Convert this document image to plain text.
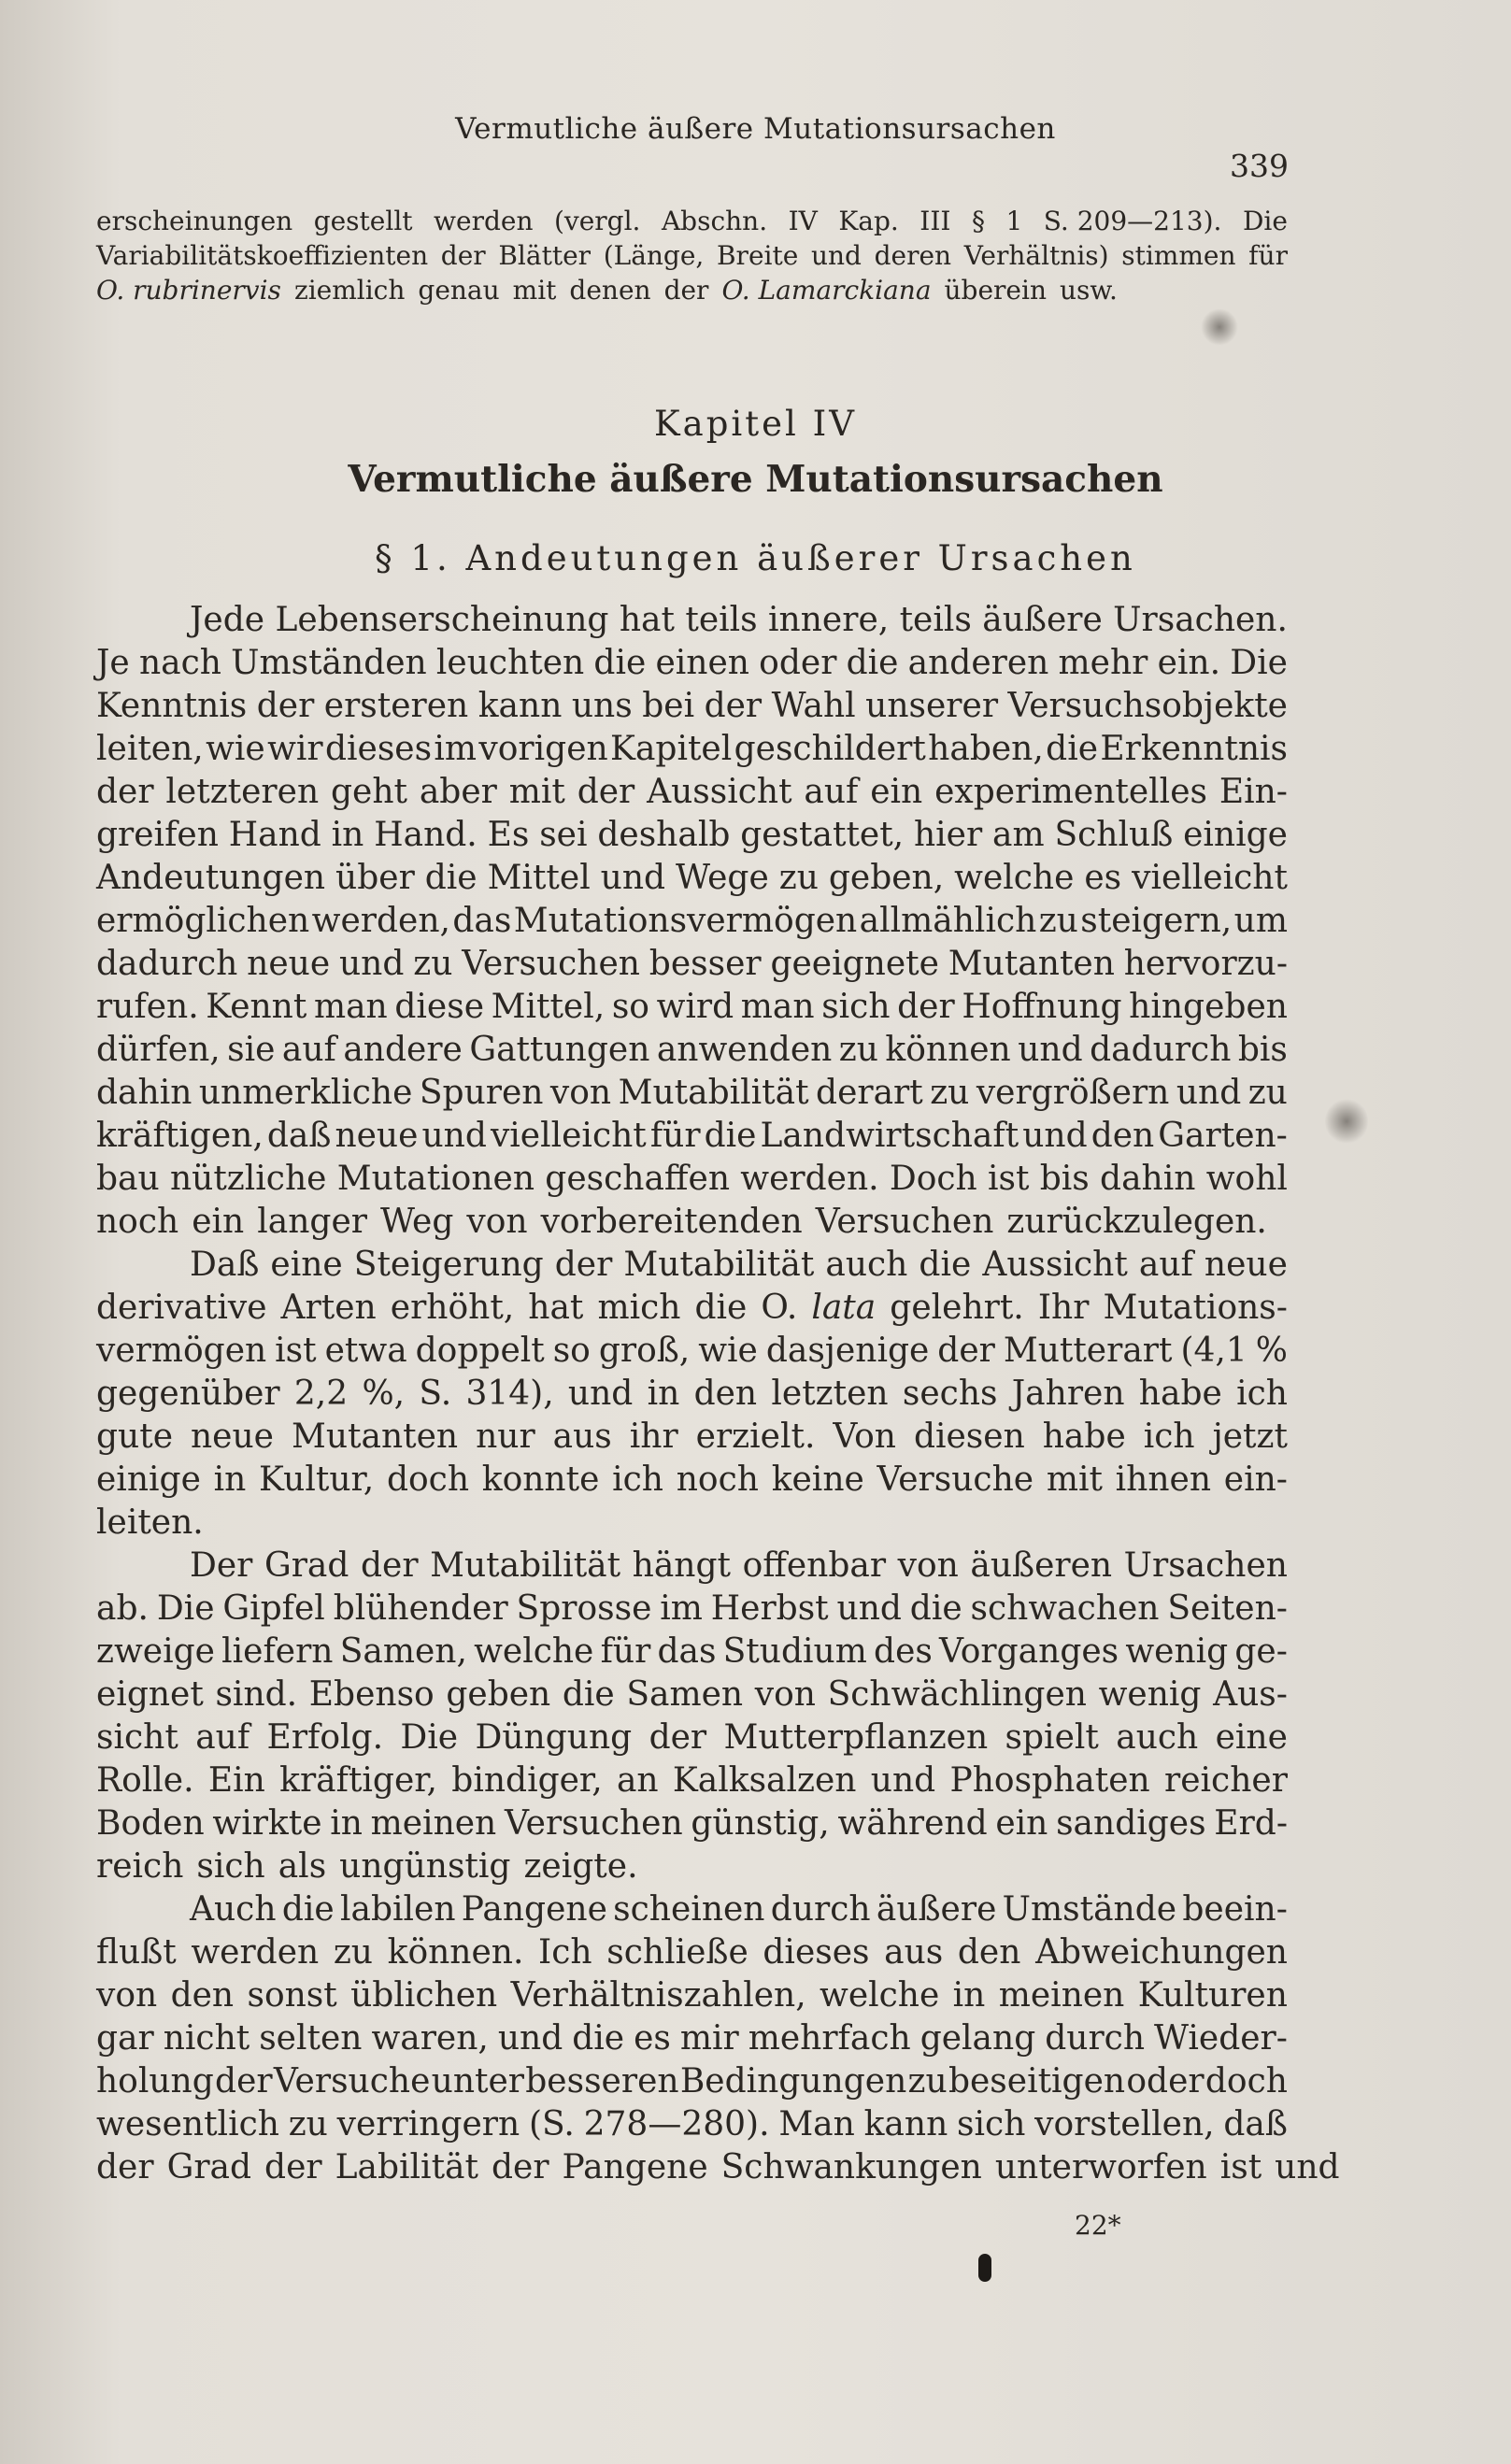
Vermutliche äußere Mutationsursachen
339
erscheinungen gestellt werden (vergl. Abschn. IV Kap. III § 1 S. 209—213). Die
Variabilitätskoeffizienten der Blätter (Länge, Breite und deren Verhältnis) stimmen für
O. rubrinervis ziemlich genau mit denen der O. Lamarckiana überein usw.
Kapitel IV
Vermutliche äußere Mutationsursachen
§ 1. Andeutungen äußerer Ursachen
Jede Lebenserscheinung hat teils innere, teils äußere Ursachen.
Je nach Umständen leuchten die einen oder die anderen mehr ein. Die
Kenntnis der ersteren kann uns bei der Wahl unserer Versuchsobjekte
leiten, wie wir dieses im vorigen Kapitel geschildert haben, die Erkenntnis
der letzteren geht aber mit der Aussicht auf ein experimentelles Ein-
greifen Hand in Hand. Es sei deshalb gestattet, hier am Schluß einige
Andeutungen über die Mittel und Wege zu geben, welche es vielleicht
ermöglichen werden, das Mutationsvermögen allmählich zu steigern, um
dadurch neue und zu Versuchen besser geeignete Mutanten hervorzu-
rufen. Kennt man diese Mittel, so wird man sich der Hoffnung hingeben
dürfen, sie auf andere Gattungen anwenden zu können und dadurch bis
dahin unmerkliche Spuren von Mutabilität derart zu vergrößern und zu
kräftigen, daß neue und vielleicht für die Landwirtschaft und den Garten-
bau nützliche Mutationen geschaffen werden. Doch ist bis dahin wohl
noch ein langer Weg von vorbereitenden Versuchen zurückzulegen.
Daß eine Steigerung der Mutabilität auch die Aussicht auf neue
derivative Arten erhöht, hat mich die O. lata gelehrt. Ihr Mutations-
vermögen ist etwa doppelt so groß, wie dasjenige der Mutterart (4,1 %
gegenüber 2,2 %, S. 314), und in den letzten sechs Jahren habe ich
gute neue Mutanten nur aus ihr erzielt. Von diesen habe ich jetzt
einige in Kultur, doch konnte ich noch keine Versuche mit ihnen ein-
leiten.
Der Grad der Mutabilität hängt offenbar von äußeren Ursachen
ab. Die Gipfel blühender Sprosse im Herbst und die schwachen Seiten-
zweige liefern Samen, welche für das Studium des Vorganges wenig ge-
eignet sind. Ebenso geben die Samen von Schwächlingen wenig Aus-
sicht auf Erfolg. Die Düngung der Mutterpflanzen spielt auch eine
Rolle. Ein kräftiger, bindiger, an Kalksalzen und Phosphaten reicher
Boden wirkte in meinen Versuchen günstig, während ein sandiges Erd-
reich sich als ungünstig zeigte.
Auch die labilen Pangene scheinen durch äußere Umstände beein-
flußt werden zu können. Ich schließe dieses aus den Abweichungen
von den sonst üblichen Verhältniszahlen, welche in meinen Kulturen
gar nicht selten waren, und die es mir mehrfach gelang durch Wieder-
holung der Versuche unter besseren Bedingungen zu beseitigen oder doch
wesentlich zu verringern (S. 278—280). Man kann sich vorstellen, daß
der Grad der Labilität der Pangene Schwankungen unterworfen ist und
22*
